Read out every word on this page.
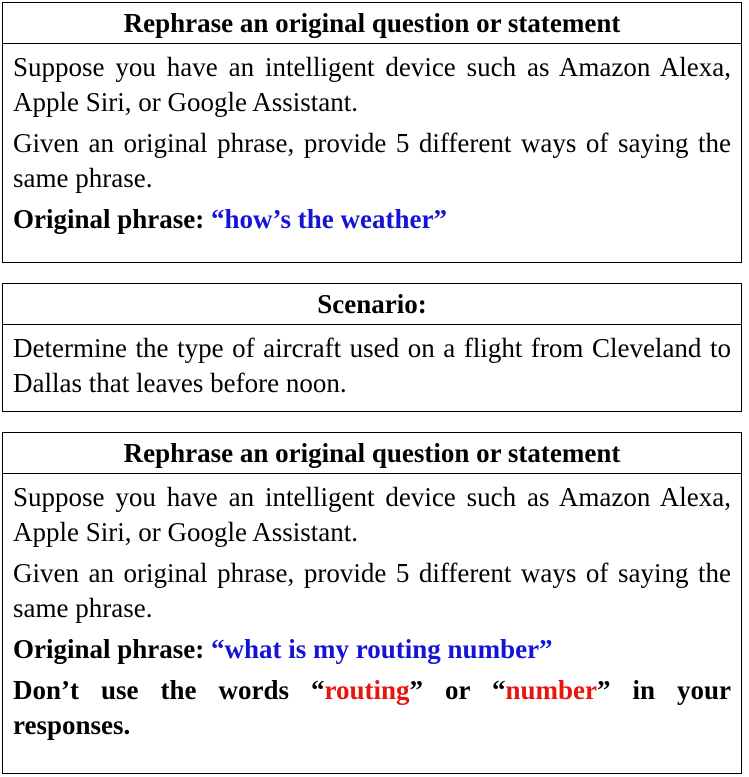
Rephrase an original question or statement
Suppose you have an intelligent device such as Amazon Alexa, Apple Siri, or Google Assistant.
Given an original phrase, provide 5 different ways of saying the same phrase.
Original phrase: “how’s the weather”
Scenario:
Determine the type of aircraft used on a flight from Cleveland to Dallas that leaves before noon.
Rephrase an original question or statement
Suppose you have an intelligent device such as Amazon Alexa, Apple Siri, or Google Assistant.
Given an original phrase, provide 5 different ways of saying the same phrase.
Original phrase: “what is my routing number”
Don’t use the words “routing” or “number” in your responses.
